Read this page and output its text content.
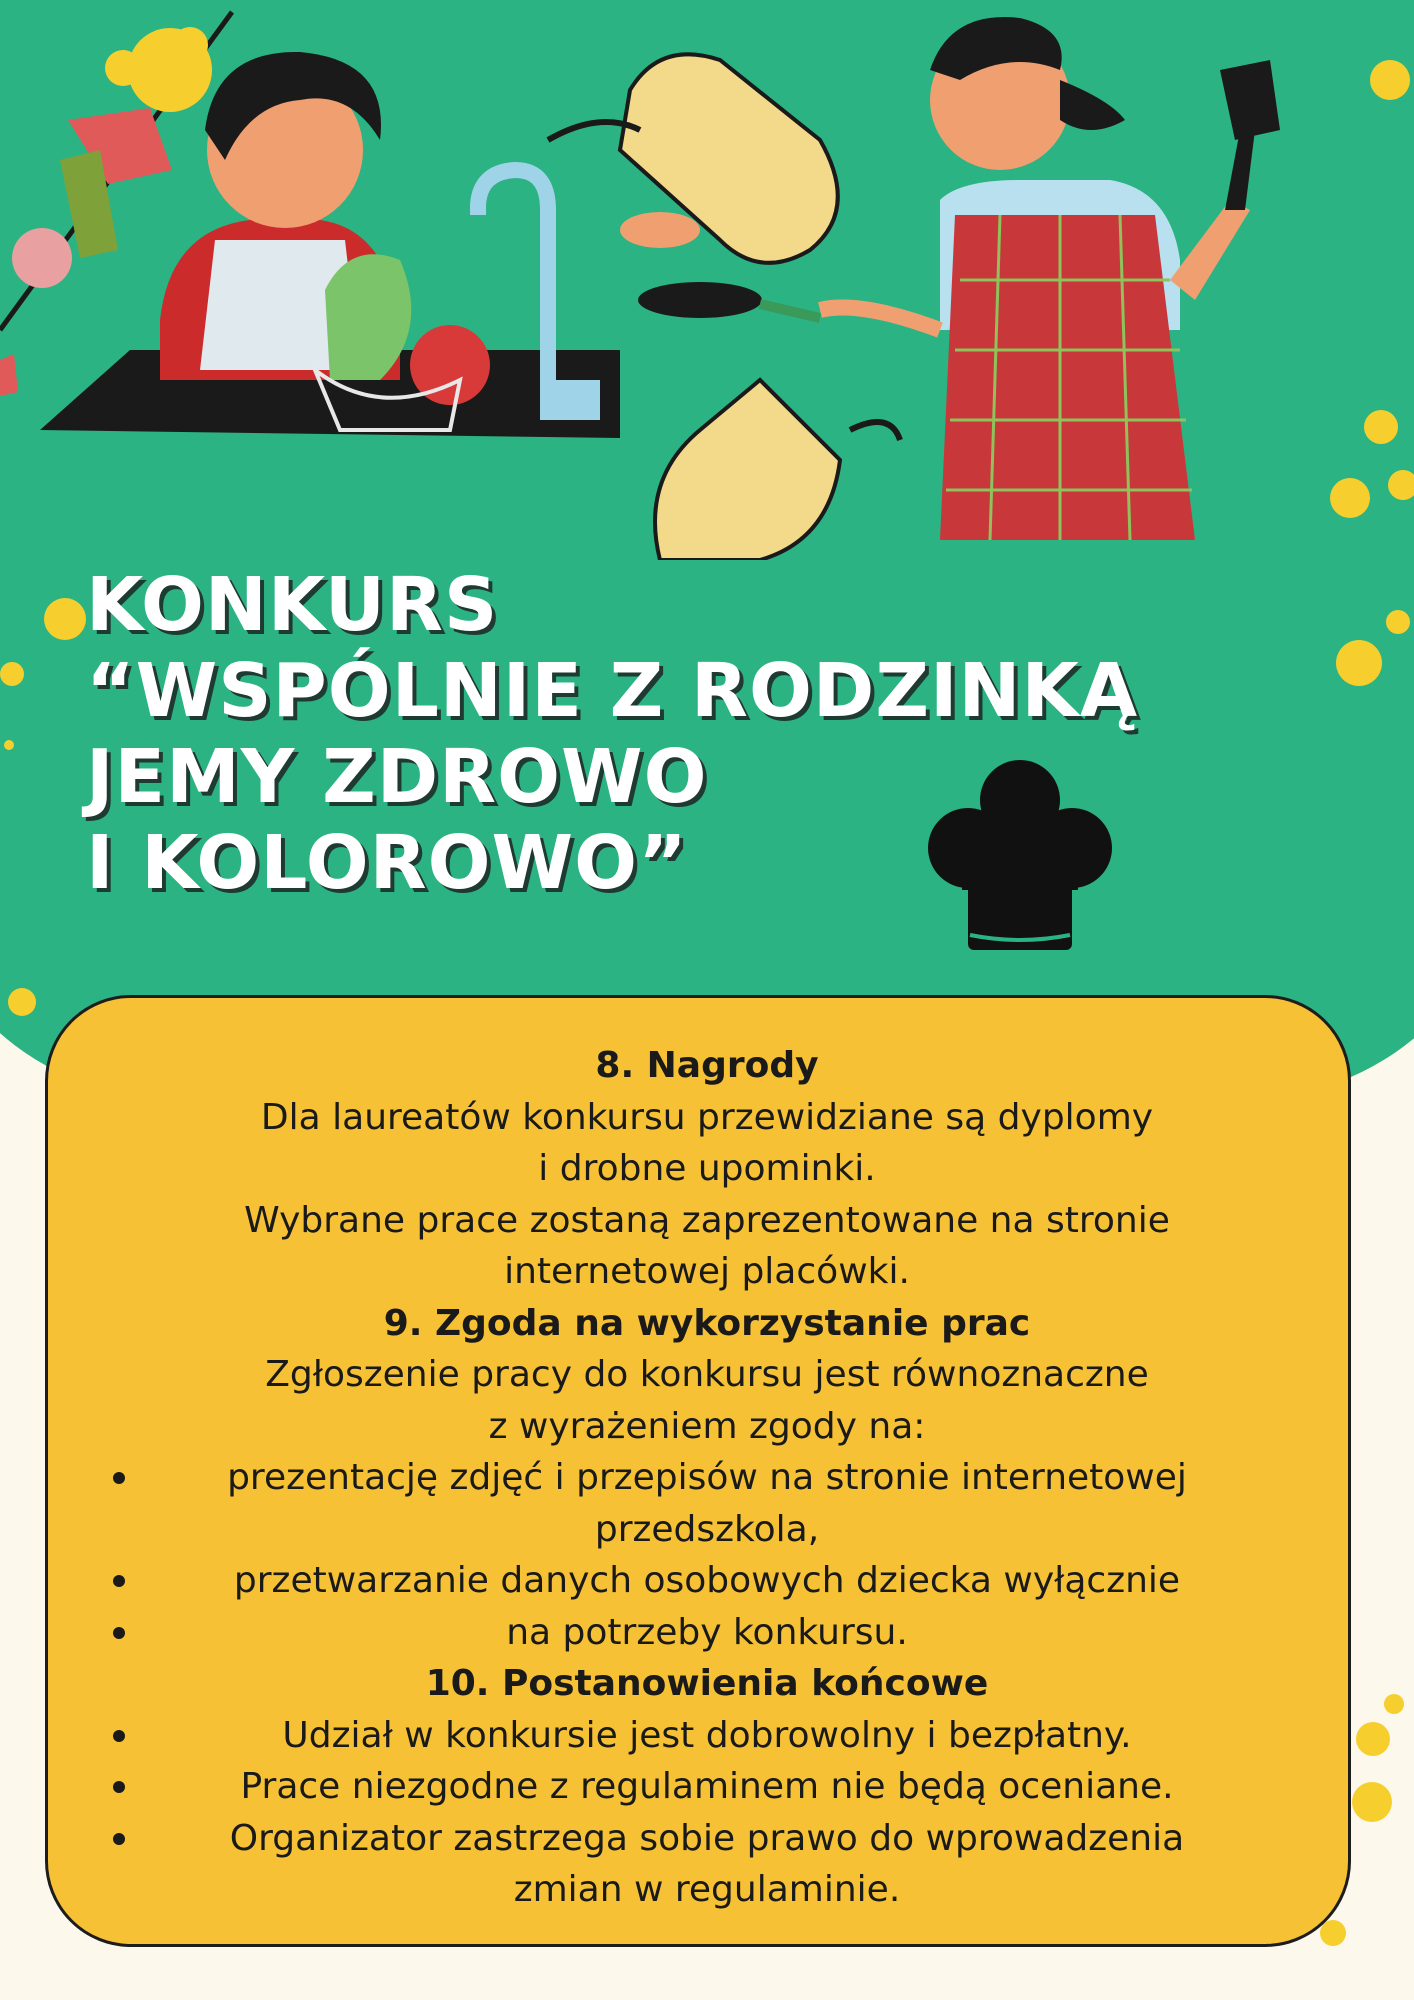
KONKURS
“WSPÓLNIE Z RODZINKĄ
JEMY ZDROWO
I KOLOROWO”
8. Nagrody
Dla laureatów konkursu przewidziane są dyplomy
i drobne upominki.
Wybrane prace zostaną zaprezentowane na stronie
internetowej placówki.
9. Zgoda na wykorzystanie prac
Zgłoszenie pracy do konkursu jest równoznaczne
z wyrażeniem zgody na:
prezentację zdjęć i przepisów na stronie internetowej
przedszkola,
przetwarzanie danych osobowych dziecka wyłącznie
na potrzeby konkursu.
10. Postanowienia końcowe
Udział w konkursie jest dobrowolny i bezpłatny.
Prace niezgodne z regulaminem nie będą oceniane.
Organizator zastrzega sobie prawo do wprowadzenia
zmian w regulaminie.
